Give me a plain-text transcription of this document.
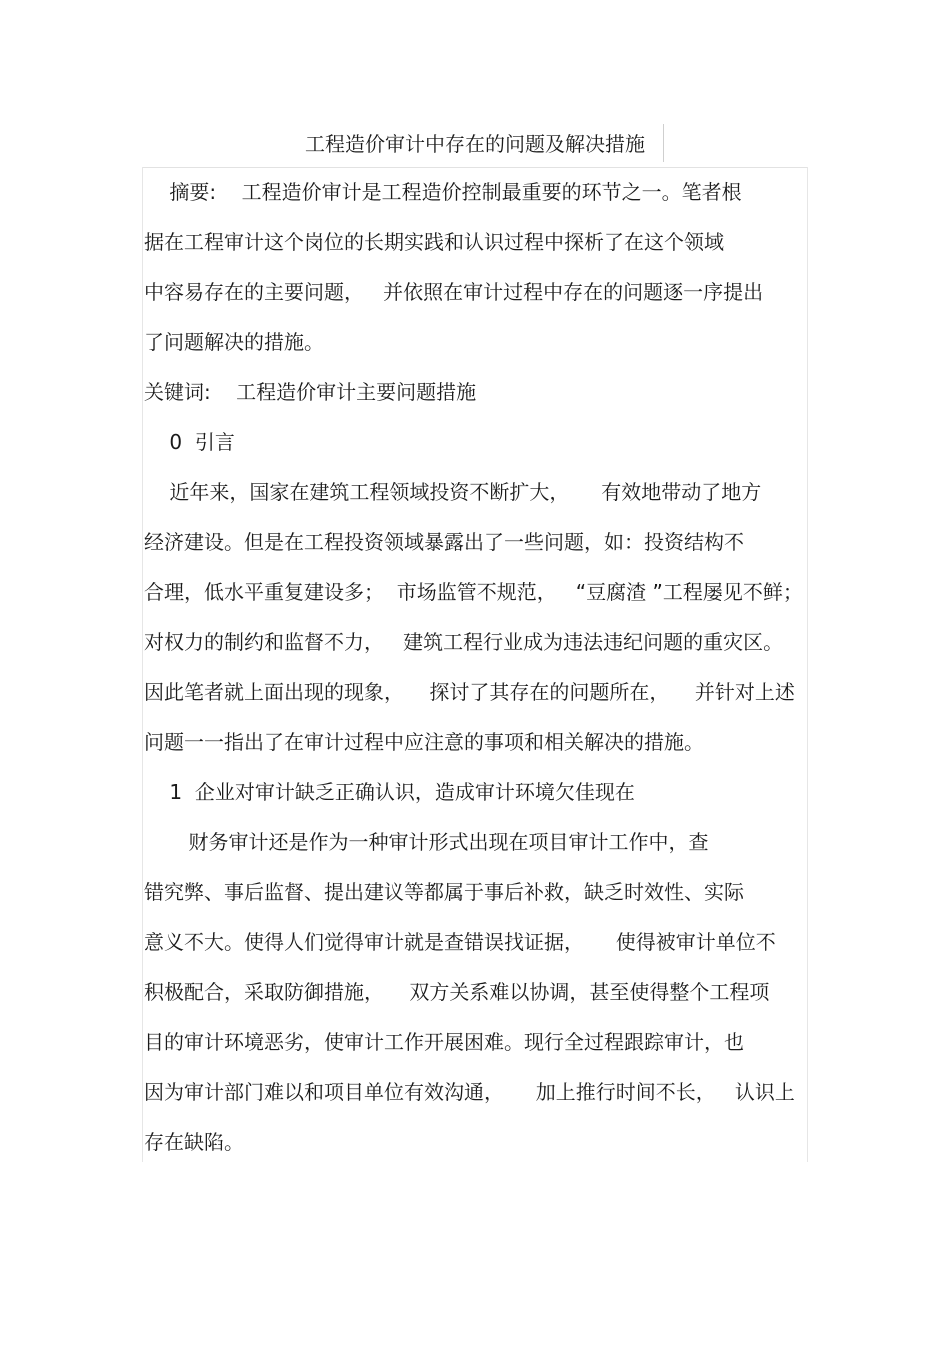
工程造价审计中存在的问题及解决措施
摘要:    工程造价审计是工程造价控制最重要的环节之一。笔者根
据在工程审计这个岗位的长期实践和认识过程中探析了在这个领域
中容易存在的主要问题，   并依照在审计过程中存在的问题逐一序提出
了问题解决的措施。
关键词:    工程造价审计主要问题措施
0  引言
近年来，国家在建筑工程领域投资不断扩大，     有效地带动了地方
经济建设。但是在工程投资领域暴露出了一些问题，如：投资结构不
合理，低水平重复建设多；  市场监管不规范，   “豆腐渣 ”工程屡见不鲜；
对权力的制约和监督不力，   建筑工程行业成为违法违纪问题的重灾区。
因此笔者就上面出现的现象，    探讨了其存在的问题所在，    并针对上述
问题一一指出了在审计过程中应注意的事项和相关解决的措施。
1  企业对审计缺乏正确认识，造成审计环境欠佳现在
财务审计还是作为一种审计形式出现在项目审计工作中，查
错究弊、事后监督、提出建议等都属于事后补救，缺乏时效性、实际
意义不大。使得人们觉得审计就是查错误找证据，     使得被审计单位不
积极配合，采取防御措施，    双方关系难以协调，甚至使得整个工程项
目的审计环境恶劣，使审计工作开展困难。现行全过程跟踪审计，也
因为审计部门难以和项目单位有效沟通，     加上推行时间不长，   认识上
存在缺陷。
